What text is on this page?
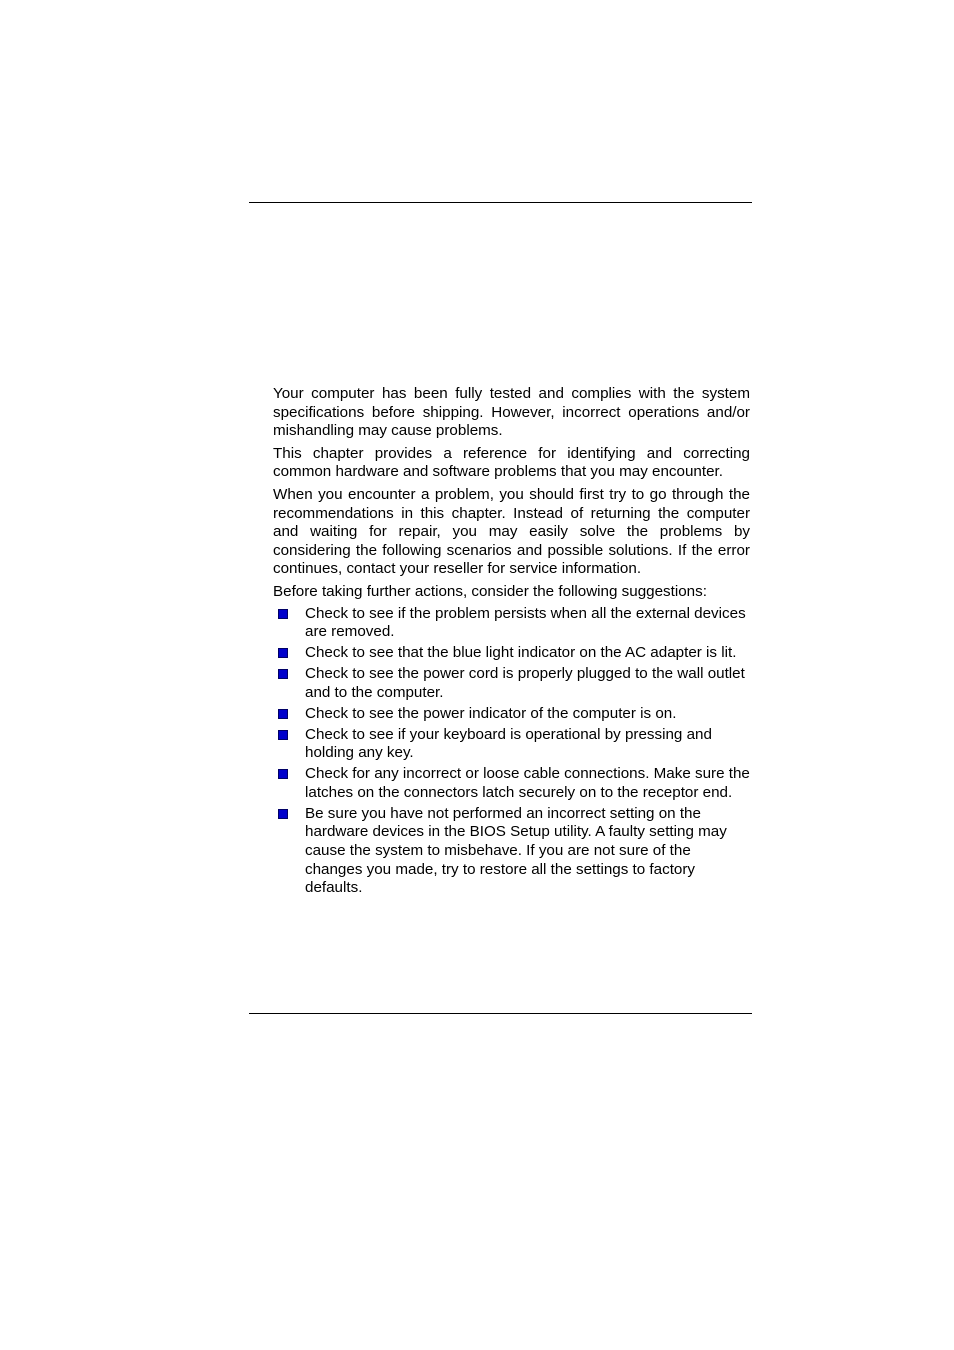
Your computer has been fully tested and complies with the system specifications before shipping. However, incorrect operations and/or mishandling may cause problems.

This chapter provides a reference for identifying and correcting common hardware and software problems that you may encounter.

When you encounter a problem, you should first try to go through the recommendations in this chapter. Instead of returning the computer and waiting for repair, you may easily solve the problems by considering the following scenarios and possible solutions. If the error continues, contact your reseller for service information.

Before taking further actions, consider the following suggestions:

Check to see if the problem persists when all the external devices are removed.
Check to see that the blue light indicator on the AC adapter is lit.
Check to see the power cord is properly plugged to the wall outlet and to the computer.
Check to see the power indicator of the computer is on.
Check to see if your keyboard is operational by pressing and holding any key.
Check for any incorrect or loose cable connections. Make sure the latches on the connectors latch securely on to the receptor end.
Be sure you have not performed an incorrect setting on the hardware devices in the BIOS Setup utility. A faulty setting may cause the system to misbehave. If you are not sure of the changes you made, try to restore all the settings to factory defaults.
